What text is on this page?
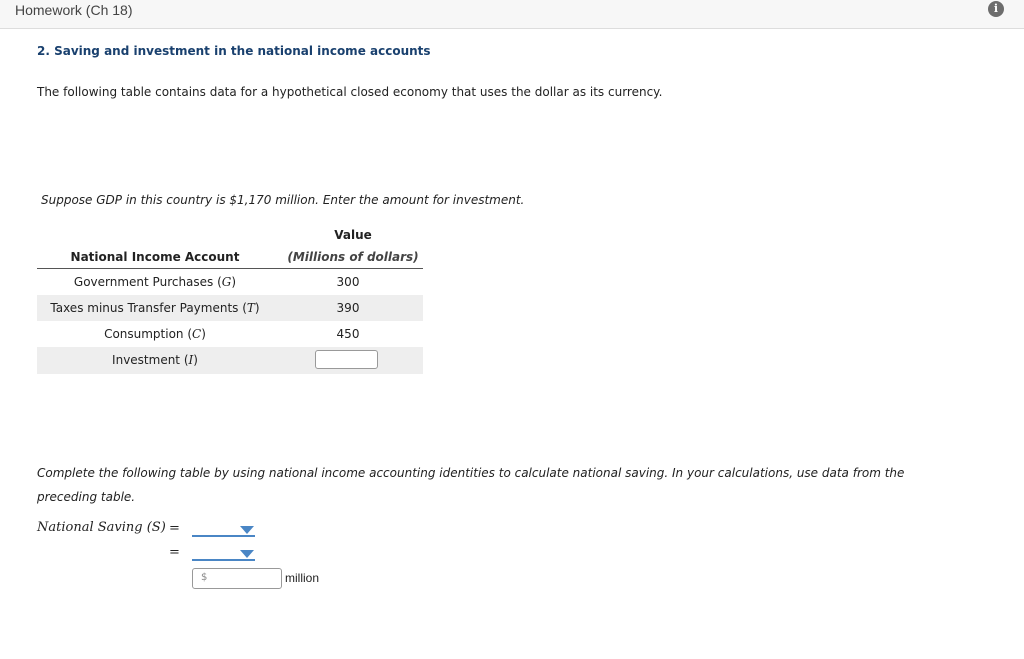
Homework (Ch 18)	i
2. Saving and investment in the national income accounts
The following table contains data for a hypothetical closed economy that uses the dollar as its currency.
Suppose GDP in this country is $1,170 million. Enter the amount for investment.
Value
National Income Account	(Millions of dollars)
Government Purchases (G)	300
Taxes minus Transfer Payments (T)	390
Consumption (C)	450
Investment (I)
Complete the following table by using national income accounting identities to calculate national saving. In your calculations, use data from the preceding table.
National Saving (S) =
=
$	million
